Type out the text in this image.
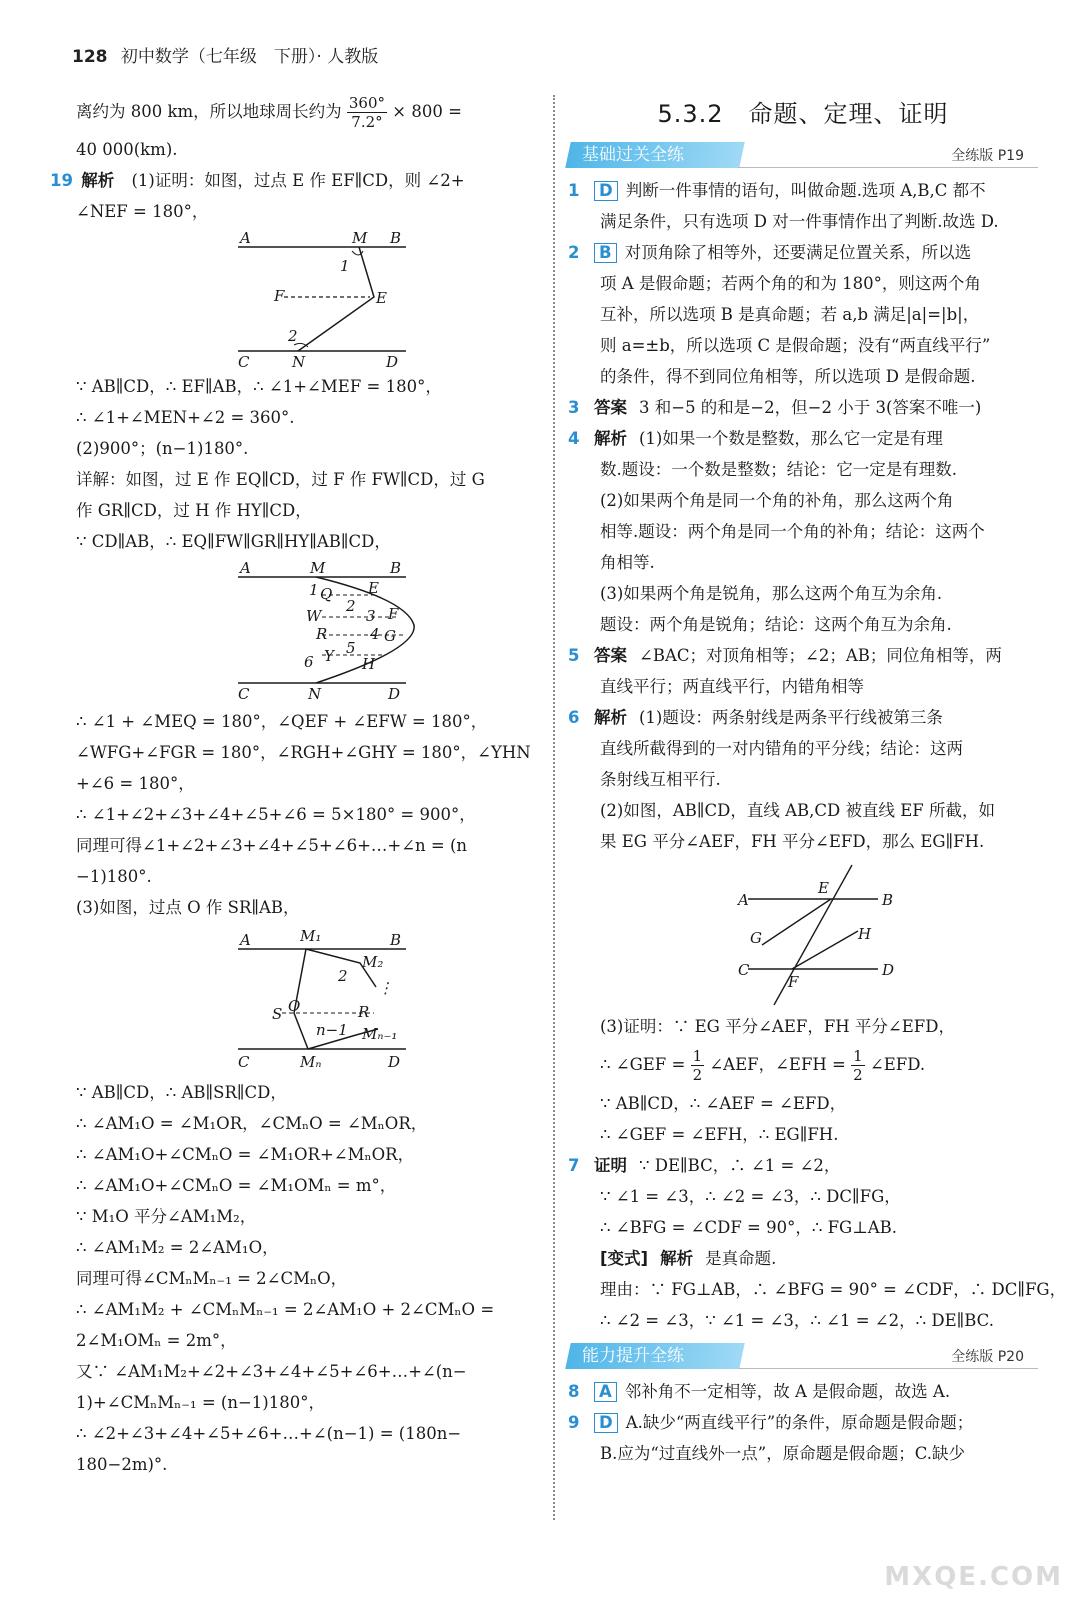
128 初中数学（七年级　下册）· 人教版
离约为 800 km，所以地球周长约为 $\frac{360^\circ}{7.2^\circ} \times 800$ =
40 000(km).
19 解析 (1)证明：如图，过点 E 作 EF∥CD，则 ∠2+
∠NEF = 180°，
A	M B
1
F	E
2
C	N	D
∵ AB∥CD，∴ EF∥AB，∴ ∠1+∠MEF = 180°，
∴ ∠1+∠MEN+∠2 = 360°.
(2)900°；(n−1)180°.
详解：如图，过 E 作 EQ∥CD，过 F 作 FW∥CD，过 G
作 GR∥CD，过 H 作 HY∥CD，
∵ CD∥AB，∴ EQ∥FW∥GR∥HY∥AB∥CD，
A	M	B
1 Q E
2
W	3 F
R	4 G
5
Y
6	H
C	N	D
∴ ∠1 + ∠MEQ = 180°，∠QEF + ∠EFW = 180°，
∠WFG+∠FGR = 180°，∠RGH+∠GHY = 180°，∠YHN
+∠6 = 180°，
∴ ∠1+∠2+∠3+∠4+∠5+∠6 = 5×180° = 900°，
同理可得∠1+∠2+∠3+∠4+∠5+∠6+…+∠n = (n
−1)180°.
(3)如图，过点 O 作 SR∥AB，
⋮
A	M₁	B
M₂
2
S O	R
n−1 Mₙ₋₁
C	Mₙ	D
∵ AB∥CD，∴ AB∥SR∥CD，
∴ ∠AM₁O = ∠M₁OR，∠CMₙO = ∠MₙOR，
∴ ∠AM₁O+∠CMₙO = ∠M₁OR+∠MₙOR，
∴ ∠AM₁O+∠CMₙO = ∠M₁OMₙ = m°，
∵ M₁O 平分∠AM₁M₂，
∴ ∠AM₁M₂ = 2∠AM₁O，
同理可得∠CMₙMₙ₋₁ = 2∠CMₙO，
∴ ∠AM₁M₂ + ∠CMₙMₙ₋₁ = 2∠AM₁O + 2∠CMₙO =
2∠M₁OMₙ = 2m°，
又∵ ∠AM₁M₂+∠2+∠3+∠4+∠5+∠6+…+∠(n−
1)+∠CMₙMₙ₋₁ = (n−1)180°，
∴ ∠2+∠3+∠4+∠5+∠6+…+∠(n−1) = (180n−
180−2m)°.
5.3.2　命题、定理、证明
基础过关全练	全练版 P19
1 D 判断一件事情的语句，叫做命题.选项 A,B,C 都不
满足条件，只有选项 D 对一件事情作出了判断.故选 D.
2 B 对顶角除了相等外，还要满足位置关系，所以选
项 A 是假命题；若两个角的和为 180°，则这两个角
互补，所以选项 B 是真命题；若 a,b 满足|a|=|b|，
则 a=±b，所以选项 C 是假命题；没有“两直线平行”
的条件，得不到同位角相等，所以选项 D 是假命题.
3 答案 3 和−5 的和是−2，但−2 小于 3(答案不唯一)
4 解析 (1)如果一个数是整数，那么它一定是有理
数.题设：一个数是整数；结论：它一定是有理数.
(2)如果两个角是同一个角的补角，那么这两个角
相等.题设：两个角是同一个角的补角；结论：这两个
角相等.
(3)如果两个角是锐角，那么这两个角互为余角.
题设：两个角是锐角；结论：这两个角互为余角.
5 答案 ∠BAC；对顶角相等；∠2；AB；同位角相等，两
直线平行；两直线平行，内错角相等
6 解析 (1)题设：两条射线是两条平行线被第三条
直线所截得到的一对内错角的平分线；结论：这两
条射线互相平行.
(2)如图，AB∥CD，直线 AB,CD 被直线 EF 所截，如
果 EG 平分∠AEF，FH 平分∠EFD，那么 EG∥FH.
A
E
B
G	H
C
F
D
(3)证明：∵ EG 平分∠AEF，FH 平分∠EFD，
∴ ∠GEF = $\frac{1}{2}$ ∠AEF，∠EFH = $\frac{1}{2}$ ∠EFD.
∵ AB∥CD，∴ ∠AEF = ∠EFD，
∴ ∠GEF = ∠EFH，∴ EG∥FH.
7 证明 ∵ DE∥BC，∴ ∠1 = ∠2，
∵ ∠1 = ∠3，∴ ∠2 = ∠3，∴ DC∥FG，
∴ ∠BFG = ∠CDF = 90°，∴ FG⊥AB.
[变式] 解析 是真命题.
理由：∵ FG⊥AB，∴ ∠BFG = 90° = ∠CDF，∴ DC∥FG，
∴ ∠2 = ∠3，∵ ∠1 = ∠3，∴ ∠1 = ∠2，∴ DE∥BC.
能力提升全练	全练版 P20
8 A 邻补角不一定相等，故 A 是假命题，故选 A.
9 D A.缺少“两直线平行”的条件，原命题是假命题；
B.应为“过直线外一点”，原命题是假命题；C.缺少
MXQE.COM
